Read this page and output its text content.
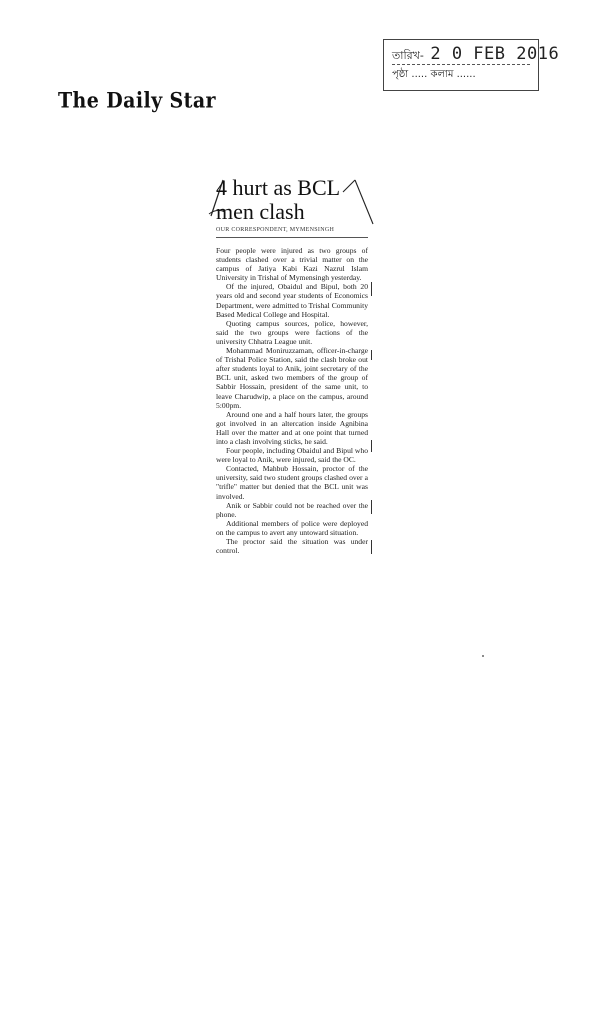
তারিখ- 2 0 FEB 2016
পৃষ্ঠা ..... কলাম ......
The Daily Star
4 hurt as BCL
men clash
OUR CORRESPONDENT, MYMENSINGH

Four people were injured as two groups of students clashed over a trivial matter on the campus of Jatiya Kabi Kazi Nazrul Islam University in Trishal of Mymensingh yesterday.

Of the injured, Obaidul and Bipul, both 20 years old and second year students of Economics Department, were admitted to Trishal Community Based Medical College and Hospital.

Quoting campus sources, police, however, said the two groups were factions of the university Chhatra League unit.

Mohammad Moniruzzaman, officer-in-charge of Trishal Police Station, said the clash broke out after students loyal to Anik, joint secretary of the BCL unit, asked two members of the group of Sabbir Hossain, president of the same unit, to leave Charudwip, a place on the campus, around 5:00pm.

Around one and a half hours later, the groups got involved in an altercation inside Agnibina Hall over the matter and at one point that turned into a clash involving sticks, he said.

Four people, including Obaidul and Bipul who were loyal to Anik, were injured, said the OC.

Contacted, Mahbub Hossain, proctor of the university, said two student groups clashed over a "trifle" matter but denied that the BCL unit was involved.

Anik or Sabbir could not be reached over the phone.

Additional members of police were deployed on the campus to avert any untoward situation.

The proctor said the situation was under control.
